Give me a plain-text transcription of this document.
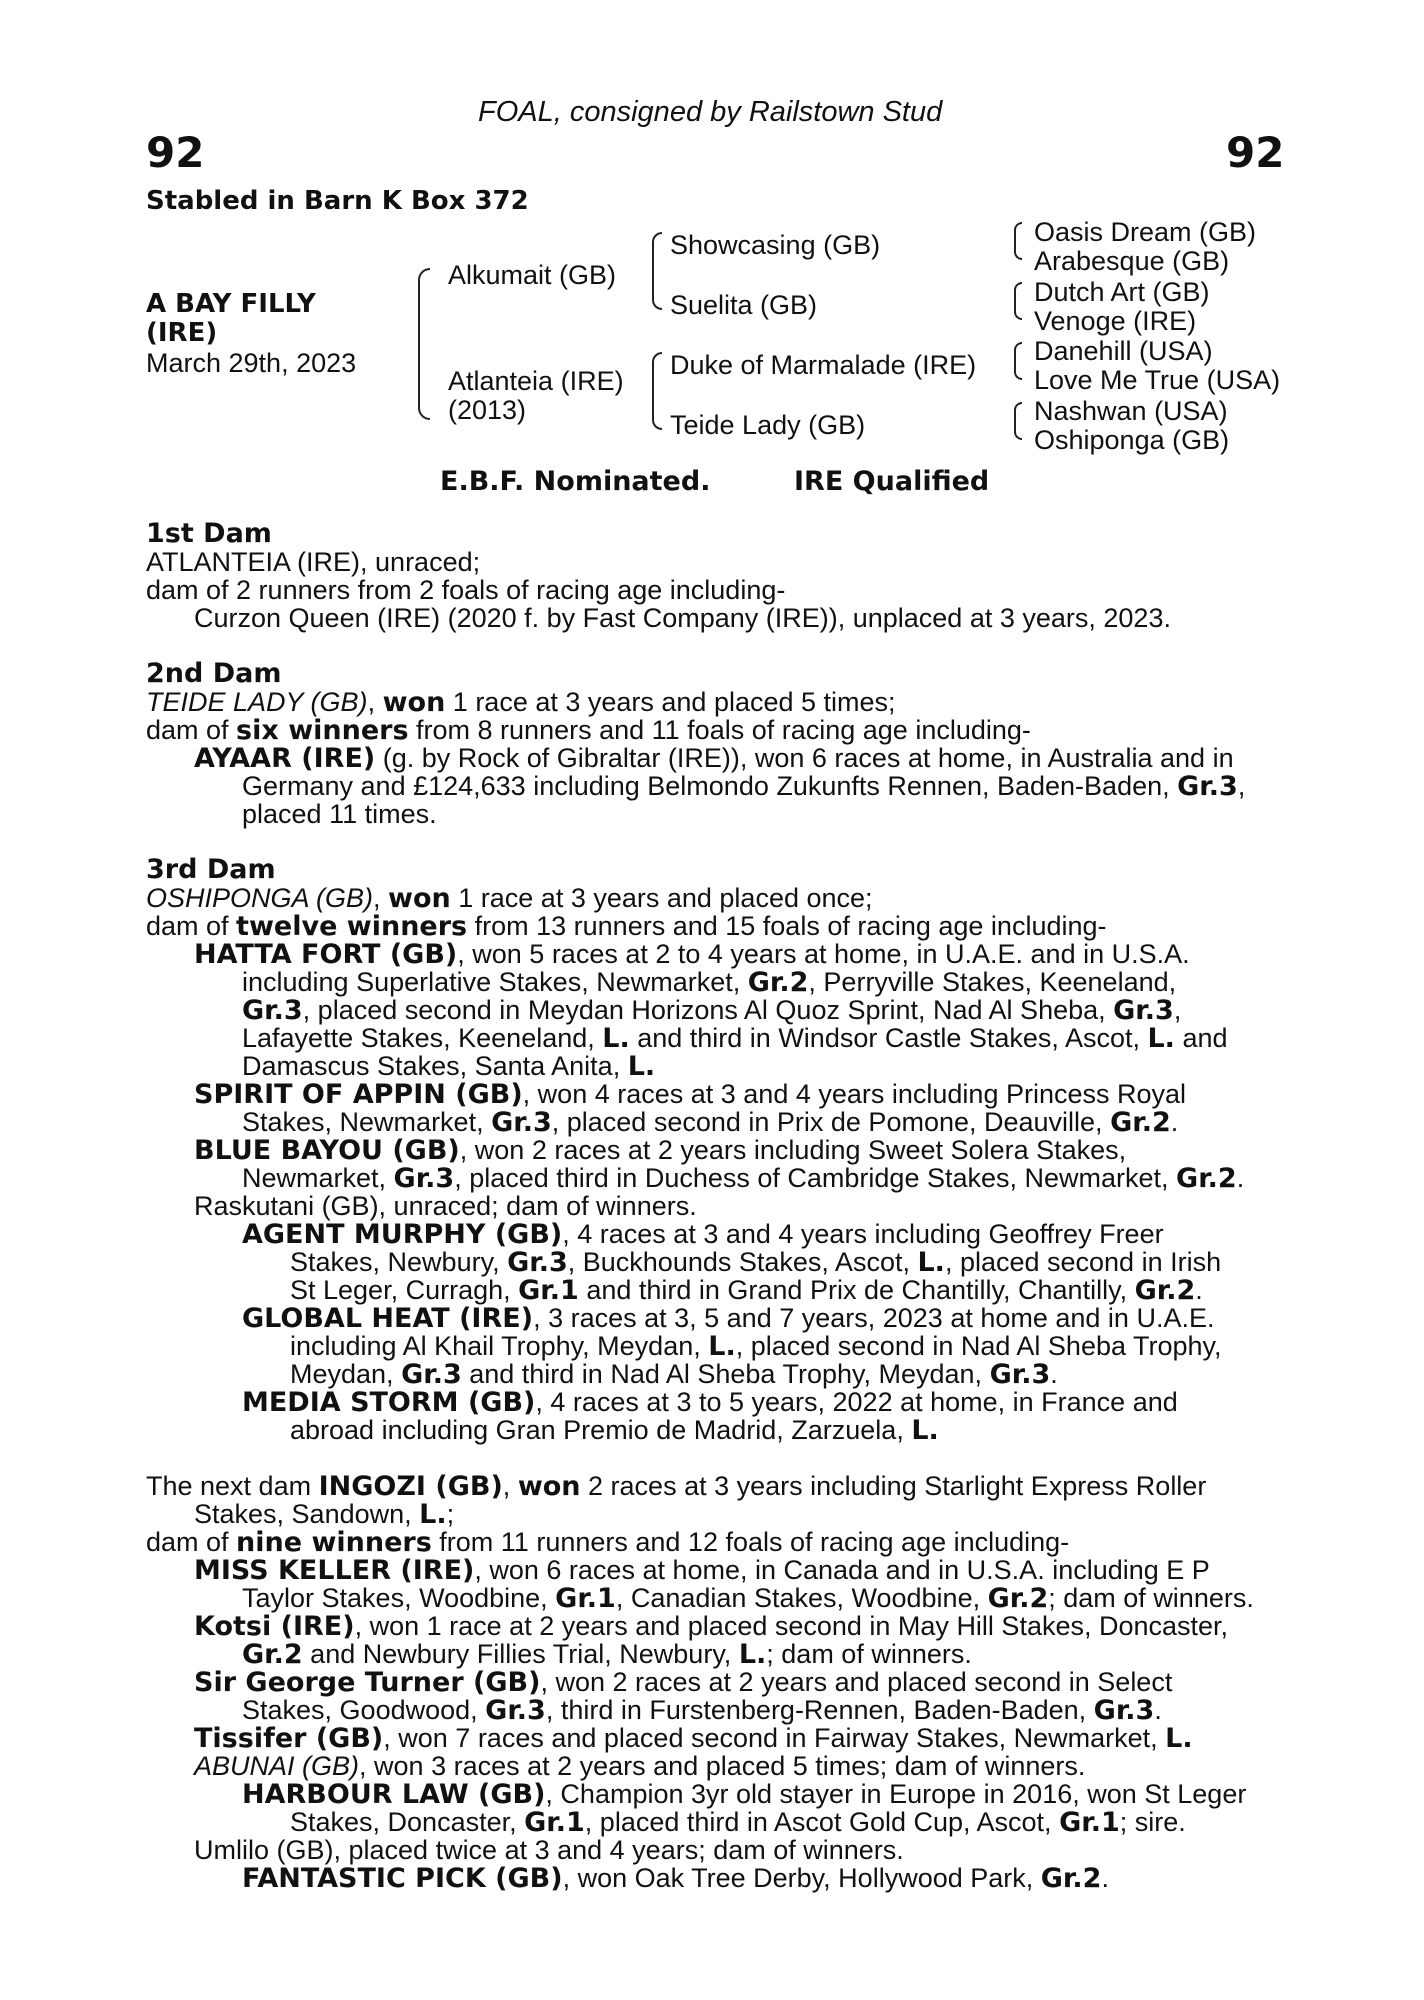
FOAL, consigned by Railstown Stud
92	92
Stabled in Barn K Box 372
A BAY FILLY
(IRE)
March 29th, 2023
Alkumait (GB)
Atlanteia (IRE)
(2013)
Showcasing (GB)
Suelita (GB)
Duke of Marmalade (IRE)
Teide Lady (GB)
Oasis Dream (GB)
Arabesque (GB)
Dutch Art (GB)
Venoge (IRE)
Danehill (USA)
Love Me True (USA)
Nashwan (USA)
Oshiponga (GB)
E.B.F. Nominated.	IRE Qualified
1st Dam
ATLANTEIA (IRE), unraced;
dam of 2 runners from 2 foals of racing age including-
Curzon Queen (IRE) (2020 f. by Fast Company (IRE)), unplaced at 3 years, 2023.
2nd Dam
TEIDE LADY (GB), won 1 race at 3 years and placed 5 times;
dam of six winners from 8 runners and 11 foals of racing age including-
AYAAR (IRE) (g. by Rock of Gibraltar (IRE)), won 6 races at home, in Australia and in
Germany and £124,633 including Belmondo Zukunfts Rennen, Baden-Baden, Gr.3,
placed 11 times.
3rd Dam
OSHIPONGA (GB), won 1 race at 3 years and placed once;
dam of twelve winners from 13 runners and 15 foals of racing age including-
HATTA FORT (GB), won 5 races at 2 to 4 years at home, in U.A.E. and in U.S.A.
including Superlative Stakes, Newmarket, Gr.2, Perryville Stakes, Keeneland,
Gr.3, placed second in Meydan Horizons Al Quoz Sprint, Nad Al Sheba, Gr.3,
Lafayette Stakes, Keeneland, L. and third in Windsor Castle Stakes, Ascot, L. and
Damascus Stakes, Santa Anita, L.
SPIRIT OF APPIN (GB), won 4 races at 3 and 4 years including Princess Royal
Stakes, Newmarket, Gr.3, placed second in Prix de Pomone, Deauville, Gr.2.
BLUE BAYOU (GB), won 2 races at 2 years including Sweet Solera Stakes,
Newmarket, Gr.3, placed third in Duchess of Cambridge Stakes, Newmarket, Gr.2.
Raskutani (GB), unraced; dam of winners.
AGENT MURPHY (GB), 4 races at 3 and 4 years including Geoffrey Freer
Stakes, Newbury, Gr.3, Buckhounds Stakes, Ascot, L., placed second in Irish
St Leger, Curragh, Gr.1 and third in Grand Prix de Chantilly, Chantilly, Gr.2.
GLOBAL HEAT (IRE), 3 races at 3, 5 and 7 years, 2023 at home and in U.A.E.
including Al Khail Trophy, Meydan, L., placed second in Nad Al Sheba Trophy,
Meydan, Gr.3 and third in Nad Al Sheba Trophy, Meydan, Gr.3.
MEDIA STORM (GB), 4 races at 3 to 5 years, 2022 at home, in France and
abroad including Gran Premio de Madrid, Zarzuela, L.
The next dam INGOZI (GB), won 2 races at 3 years including Starlight Express Roller
Stakes, Sandown, L.;
dam of nine winners from 11 runners and 12 foals of racing age including-
MISS KELLER (IRE), won 6 races at home, in Canada and in U.S.A. including E P
Taylor Stakes, Woodbine, Gr.1, Canadian Stakes, Woodbine, Gr.2; dam of winners.
Kotsi (IRE), won 1 race at 2 years and placed second in May Hill Stakes, Doncaster,
Gr.2 and Newbury Fillies Trial, Newbury, L.; dam of winners.
Sir George Turner (GB), won 2 races at 2 years and placed second in Select
Stakes, Goodwood, Gr.3, third in Furstenberg-Rennen, Baden-Baden, Gr.3.
Tissifer (GB), won 7 races and placed second in Fairway Stakes, Newmarket, L.
ABUNAI (GB), won 3 races at 2 years and placed 5 times; dam of winners.
HARBOUR LAW (GB), Champion 3yr old stayer in Europe in 2016, won St Leger
Stakes, Doncaster, Gr.1, placed third in Ascot Gold Cup, Ascot, Gr.1; sire.
Umlilo (GB), placed twice at 3 and 4 years; dam of winners.
FANTASTIC PICK (GB), won Oak Tree Derby, Hollywood Park, Gr.2.
